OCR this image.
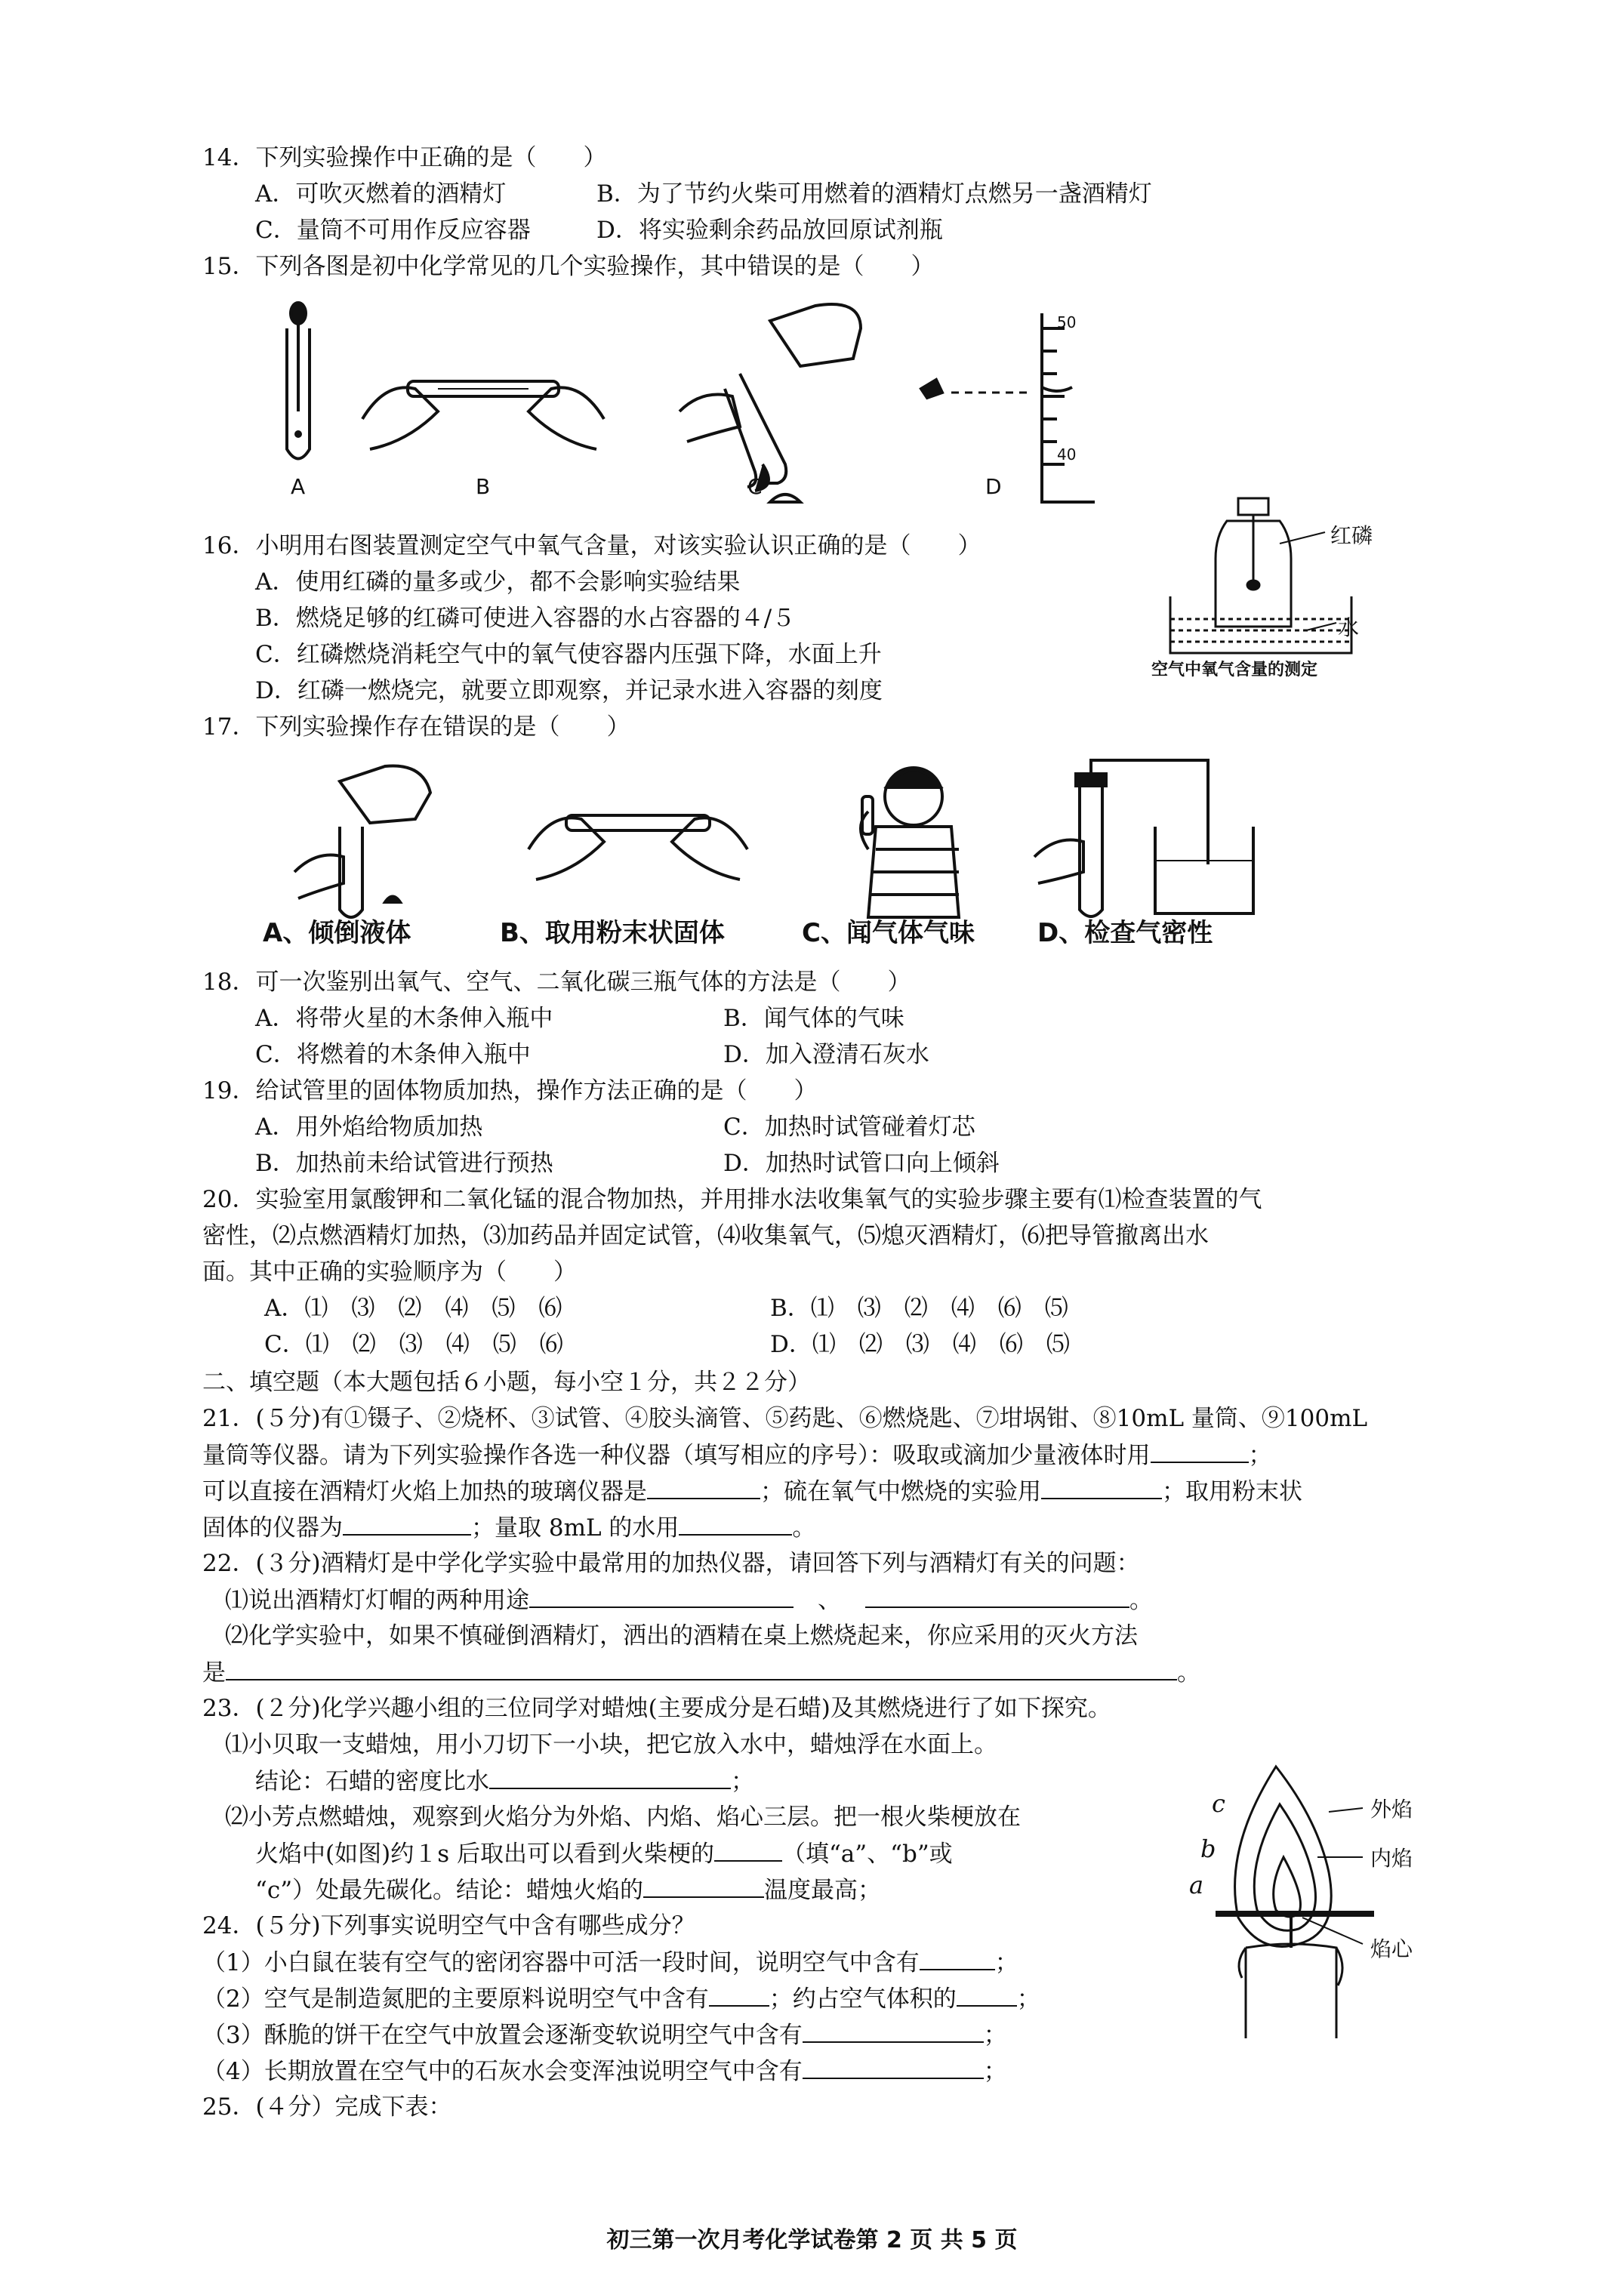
14．下列实验操作中正确的是（　　）
A．可吹灭燃着的酒精灯	B．为了节约火柴可用燃着的酒精灯点燃另一盏酒精灯
C．量筒不可用作反应容器	D．将实验剩余药品放回原试剂瓶
15．下列各图是初中化学常见的几个实验操作，其中错误的是（　　）
50
40
A	B	C	D
16．小明用右图装置测定空气中氧气含量，对该实验认识正确的是（　　）
A．使用红磷的量多或少，都不会影响实验结果
B．燃烧足够的红磷可使进入容器的水占容器的４/５
C．红磷燃烧消耗空气中的氧气使容器内压强下降，水面上升
D．红磷一燃烧完，就要立即观察，并记录水进入容器的刻度
红磷
水
空气中氧气含量的测定
17．下列实验操作存在错误的是（　　）
A、倾倒液体	B、取用粉末状固体	C、闻气体气味 D、检查气密性
18．可一次鉴别出氧气、空气、二氧化碳三瓶气体的方法是（　　）
A．将带火星的木条伸入瓶中	B．闻气体的气味
C．将燃着的木条伸入瓶中	D．加入澄清石灰水
19．给试管里的固体物质加热，操作方法正确的是（　　）
A．用外焰给物质加热	C．加热时试管碰着灯芯
B．加热前未给试管进行预热	D．加热时试管口向上倾斜
20．实验室用氯酸钾和二氧化锰的混合物加热，并用排水法收集氧气的实验步骤主要有⑴检查装置的气
密性，⑵点燃酒精灯加热，⑶加药品并固定试管，⑷收集氧气，⑸熄灭酒精灯，⑹把导管撤离出水
面。其中正确的实验顺序为（　　）
A．⑴　⑶　⑵　⑷　⑸　⑹	B．⑴　⑶　⑵　⑷　⑹　⑸
C．⑴　⑵　⑶　⑷　⑸　⑹	D．⑴　⑵　⑶　⑷　⑹　⑸
二、填空题（本大题包括６小题，每小空１分，共２２分）
21．(５分)有①镊子、②烧杯、③试管、④胶头滴管、⑤药匙、⑥燃烧匙、⑦坩埚钳、⑧10mL 量筒、⑨100mL
量筒等仪器。请为下列实验操作各选一种仪器（填写相应的序号）：吸取或滴加少量液体时用	；
可以直接在酒精灯火焰上加热的玻璃仪器是	；硫在氧气中燃烧的实验用	；取用粉末状
固体的仪器为	；量取 8mL 的水用	。
22．(３分)酒精灯是中学化学实验中最常用的加热仪器，请回答下列与酒精灯有关的问题：
⑴说出酒精灯灯帽的两种用途	、	。
⑵化学实验中，如果不慎碰倒酒精灯，洒出的酒精在桌上燃烧起来，你应采用的灭火方法
是	。
23．(２分)化学兴趣小组的三位同学对蜡烛(主要成分是石蜡)及其燃烧进行了如下探究。
⑴小贝取一支蜡烛，用小刀切下一小块，把它放入水中，蜡烛浮在水面上。
结论：石蜡的密度比水	；
⑵小芳点燃蜡烛，观察到火焰分为外焰、内焰、焰心三层。把一根火柴梗放在
火焰中(如图)约１s 后取出可以看到火柴梗的	（填“a”、“b”或
“c”）处最先碳化。结论：蜡烛火焰的	温度最高；
外焰
内焰
焰心
c
b
a
24．(５分)下列事实说明空气中含有哪些成分？
（1）小白鼠在装有空气的密闭容器中可活一段时间，说明空气中含有	；
（2）空气是制造氮肥的主要原料说明空气中含有	；约占空气体积的	；
（3）酥脆的饼干在空气中放置会逐渐变软说明空气中含有	；
（4）长期放置在空气中的石灰水会变浑浊说明空气中含有	；
25．(４分）完成下表：
初三第一次月考化学试卷第 2 页 共 5 页
